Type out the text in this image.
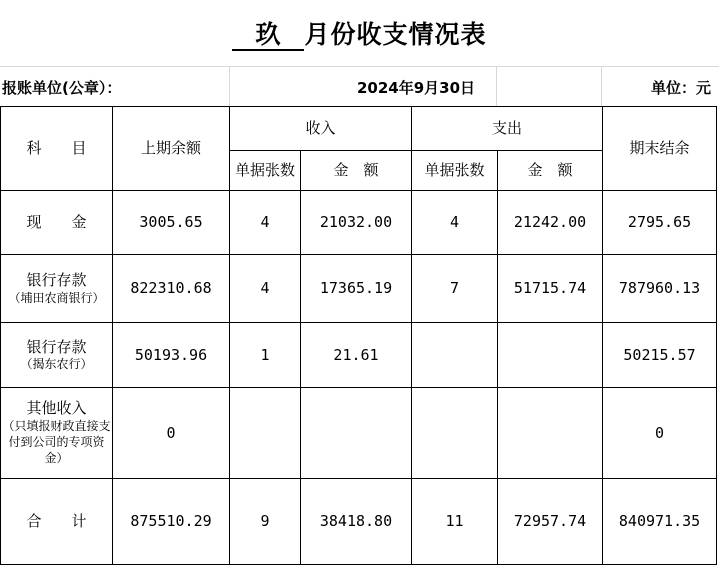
玖 月份收支情况表
报账单位(公章）：	2024年9月30日	单位：元
科　　目	上期余额	收入		支出		期末结余
		单据张数	金　额	单据张数	金　额	
现　　金	3005.65	4	21032.00	4	21242.00	2795.65
银行存款
（埔田农商银行）	822310.68	4	17365.19	7	51715.74	787960.13
银行存款
（揭东农行）	50193.96	1	21.61			50215.57
其他收入
（只填报财政直接支付到公司的专项资金）	0					0
合　　计	875510.29	9	38418.80	11	72957.74	840971.35
